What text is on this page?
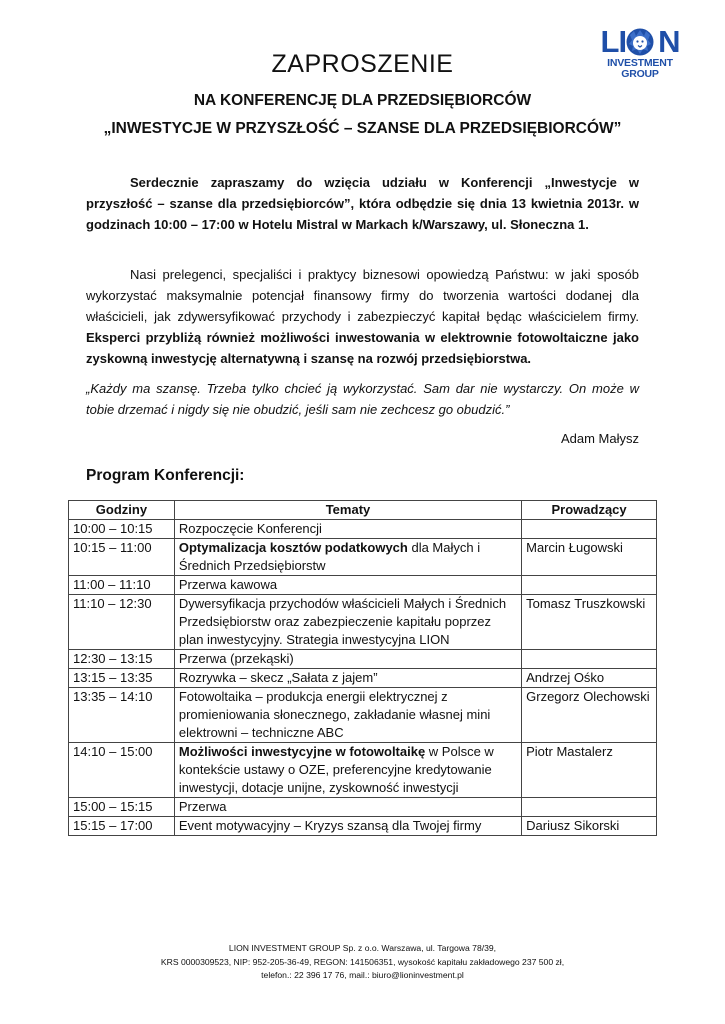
LI N
INVESTMENT
GROUP
ZAPROSZENIE
NA KONFERENCJĘ DLA PRZEDSIĘBIORCÓW
„INWESTYCJE W PRZYSZŁOŚĆ – SZANSE DLA PRZEDSIĘBIORCÓW”
Serdecznie zapraszamy do wzięcia udziału w Konferencji „Inwestycje w przyszłość – szanse dla przedsiębiorców”, która odbędzie się dnia 13 kwietnia 2013r. w godzinach 10:00 – 17:00 w Hotelu Mistral w Markach k/Warszawy, ul. Słoneczna 1.
Nasi prelegenci, specjaliści i praktycy biznesowi opowiedzą Państwu: w jaki sposób wykorzystać maksymalnie potencjał finansowy firmy do tworzenia wartości dodanej dla właścicieli, jak zdywersyfikować przychody i zabezpieczyć kapitał będąc właścicielem firmy. Eksperci przybliżą również możliwości inwestowania w elektrownie fotowoltaiczne jako zyskowną inwestycję alternatywną i szansę na rozwój przedsiębiorstwa.
„Każdy ma szansę. Trzeba tylko chcieć ją wykorzystać. Sam dar nie wystarczy. On może w tobie drzemać i nigdy się nie obudzić, jeśli sam nie zechcesz go obudzić.”
Adam Małysz
Program Konferencji:
Godziny	Tematy	Prowadzący
10:00 – 10:15	Rozpoczęcie Konferencji	
10:15 – 11:00	Optymalizacja kosztów podatkowych dla Małych i Średnich Przedsiębiorstw	Marcin Ługowski
11:00 – 11:10	Przerwa kawowa	
11:10 – 12:30	Dywersyfikacja przychodów właścicieli Małych i Średnich Przedsiębiorstw oraz zabezpieczenie kapitału poprzez plan inwestycyjny. Strategia inwestycyjna LION	Tomasz Truszkowski
12:30 – 13:15	Przerwa (przekąski)	
13:15 – 13:35	Rozrywka – skecz „Sałata z jajem”	Andrzej Ośko
13:35 – 14:10	Fotowoltaika – produkcja energii elektrycznej z promieniowania słonecznego, zakładanie własnej mini elektrowni – techniczne ABC	Grzegorz Olechowski
14:10 – 15:00	Możliwości inwestycyjne w fotowoltaikę w Polsce w kontekście ustawy o OZE, preferencyjne kredytowanie inwestycji, dotacje unijne, zyskowność inwestycji	Piotr Mastalerz
15:00 – 15:15	Przerwa	
15:15 – 17:00	Event motywacyjny – Kryzys szansą dla Twojej firmy	Dariusz Sikorski
LION INVESTMENT GROUP Sp. z o.o. Warszawa, ul. Targowa 78/39,
KRS 0000309523, NIP: 952-205-36-49, REGON: 141506351, wysokość kapitału zakładowego 237 500 zł,
telefon.: 22 396 17 76, mail.: biuro@lioninvestment.pl
